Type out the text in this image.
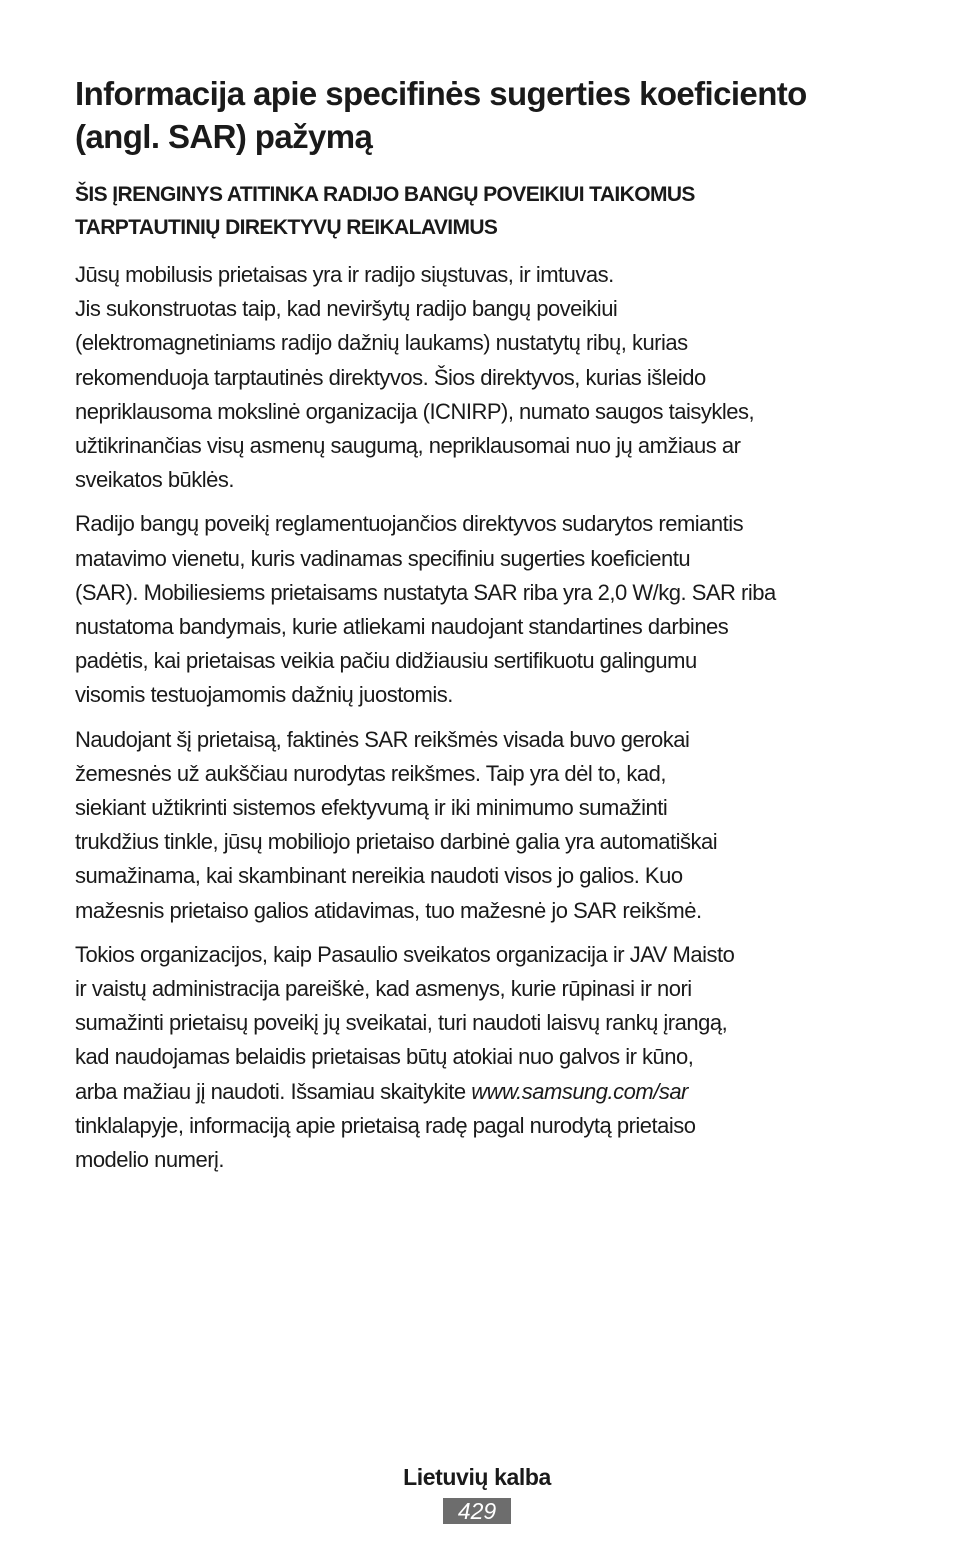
Informacija apie specifinės sugerties koeficiento
(angl. SAR) pažymą
ŠIS ĮRENGINYS ATITINKA RADIJO BANGŲ POVEIKIUI TAIKOMUS
TARPTAUTINIŲ DIREKTYVŲ REIKALAVIMUS

Jūsų mobilusis prietaisas yra ir radijo siųstuvas, ir imtuvas.
Jis sukonstruotas taip, kad neviršytų radijo bangų poveikiui
(elektromagnetiniams radijo dažnių laukams) nustatytų ribų, kurias
rekomenduoja tarptautinės direktyvos. Šios direktyvos, kurias išleido
nepriklausoma mokslinė organizacija (ICNIRP), numato saugos taisykles,
užtikrinančias visų asmenų saugumą, nepriklausomai nuo jų amžiaus ar
sveikatos būklės.

Radijo bangų poveikį reglamentuojančios direktyvos sudarytos remiantis
matavimo vienetu, kuris vadinamas specifiniu sugerties koeficientu
(SAR). Mobiliesiems prietaisams nustatyta SAR riba yra 2,0 W/kg. SAR riba
nustatoma bandymais, kurie atliekami naudojant standartines darbines
padėtis, kai prietaisas veikia pačiu didžiausiu sertifikuotu galingumu
visomis testuojamomis dažnių juostomis.

Naudojant šį prietaisą, faktinės SAR reikšmės visada buvo gerokai
žemesnės už aukščiau nurodytas reikšmes. Taip yra dėl to, kad,
siekiant užtikrinti sistemos efektyvumą ir iki minimumo sumažinti
trukdžius tinkle, jūsų mobiliojo prietaiso darbinė galia yra automatiškai
sumažinama, kai skambinant nereikia naudoti visos jo galios. Kuo
mažesnis prietaiso galios atidavimas, tuo mažesnė jo SAR reikšmė.

Tokios organizacijos, kaip Pasaulio sveikatos organizacija ir JAV Maisto
ir vaistų administracija pareiškė, kad asmenys, kurie rūpinasi ir nori
sumažinti prietaisų poveikį jų sveikatai, turi naudoti laisvų rankų įrangą,
kad naudojamas belaidis prietaisas būtų atokiai nuo galvos ir kūno,
arba mažiau jį naudoti. Išsamiau skaitykite www.samsung.com/sar
tinklalapyje, informaciją apie prietaisą radę pagal nurodytą prietaiso
modelio numerį.

Lietuvių kalba
429
